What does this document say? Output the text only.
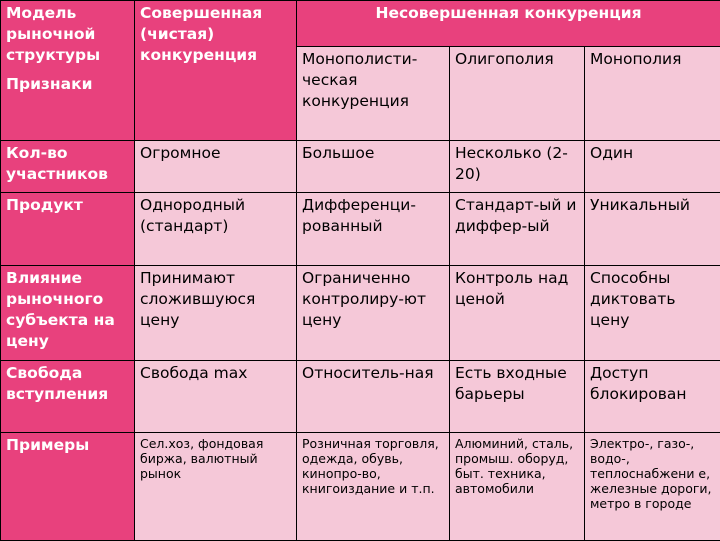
Модель рыночной структуры
Признаки	Совершенная (чистая) конкуренция	Несовершенная конкуренция		
		Монополисти-ческая конкуренция	Олигополия	Монополия
Кол-во участников	Огромное	Большое	Несколько (2-20)	Один
Продукт	Однородный (стандарт)	Дифференци-рованный	Стандарт-ый и диффер-ый	Уникальный
Влияние рыночного субъекта на цену	Принимают сложившуюся цену	Ограниченно контролиру-ют цену	Контроль над ценой	Способны диктовать цену
Свобода вступления	Свобода max	Относитель-ная	Есть входные барьеры	Доступ блокирован
Примеры	Сел.хоз, фондовая биржа, валютный рынок	Розничная торговля, одежда, обувь, кинопро-во, книгоиздание и т.п.	Алюминий, сталь, промыш. оборуд, быт. техника, автомобили	Электро-, газо-, водо-, теплоснабжени е, железные дороги, метро в городе
